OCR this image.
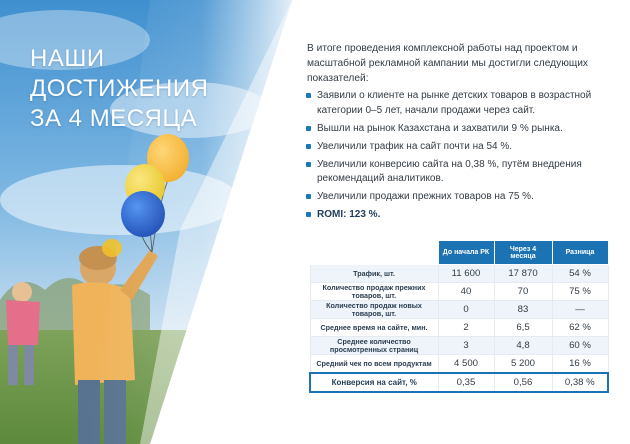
НАШИ
ДОСТИЖЕНИЯ
ЗА 4 МЕСЯЦА
В итоге проведения комплексной работы над проектом и масштабной рекламной кампании мы достигли следующих показателей:
Заявили о клиенте на рынке детских товаров в возрастной категории 0–5 лет, начали продажи через сайт.
Вышли на рынок Казахстана и захватили 9 % рынка.
Увеличили трафик на сайт почти на 54 %.
Увеличили конверсию сайта на 0,38 %, путём внедрения рекомендаций аналитиков.
Увеличили продажи прежних товаров на 75 %.
ROMI: 123 %.
	До начала РК	Через 4 месяца	Разница
Трафик, шт.	11 600	17 870	54 %
Количество продаж прежних товаров, шт.	40	70	75 %
Количество продаж новых товаров, шт.	0	83	—
Среднее время на сайте, мин.	2	6,5	62 %
Среднее количество просмотренных страниц	3	4,8	60 %
Средний чек по всем продуктам	4 500	5 200	16 %
Конверсия на сайт, %	0,35	0,56	0,38 %
